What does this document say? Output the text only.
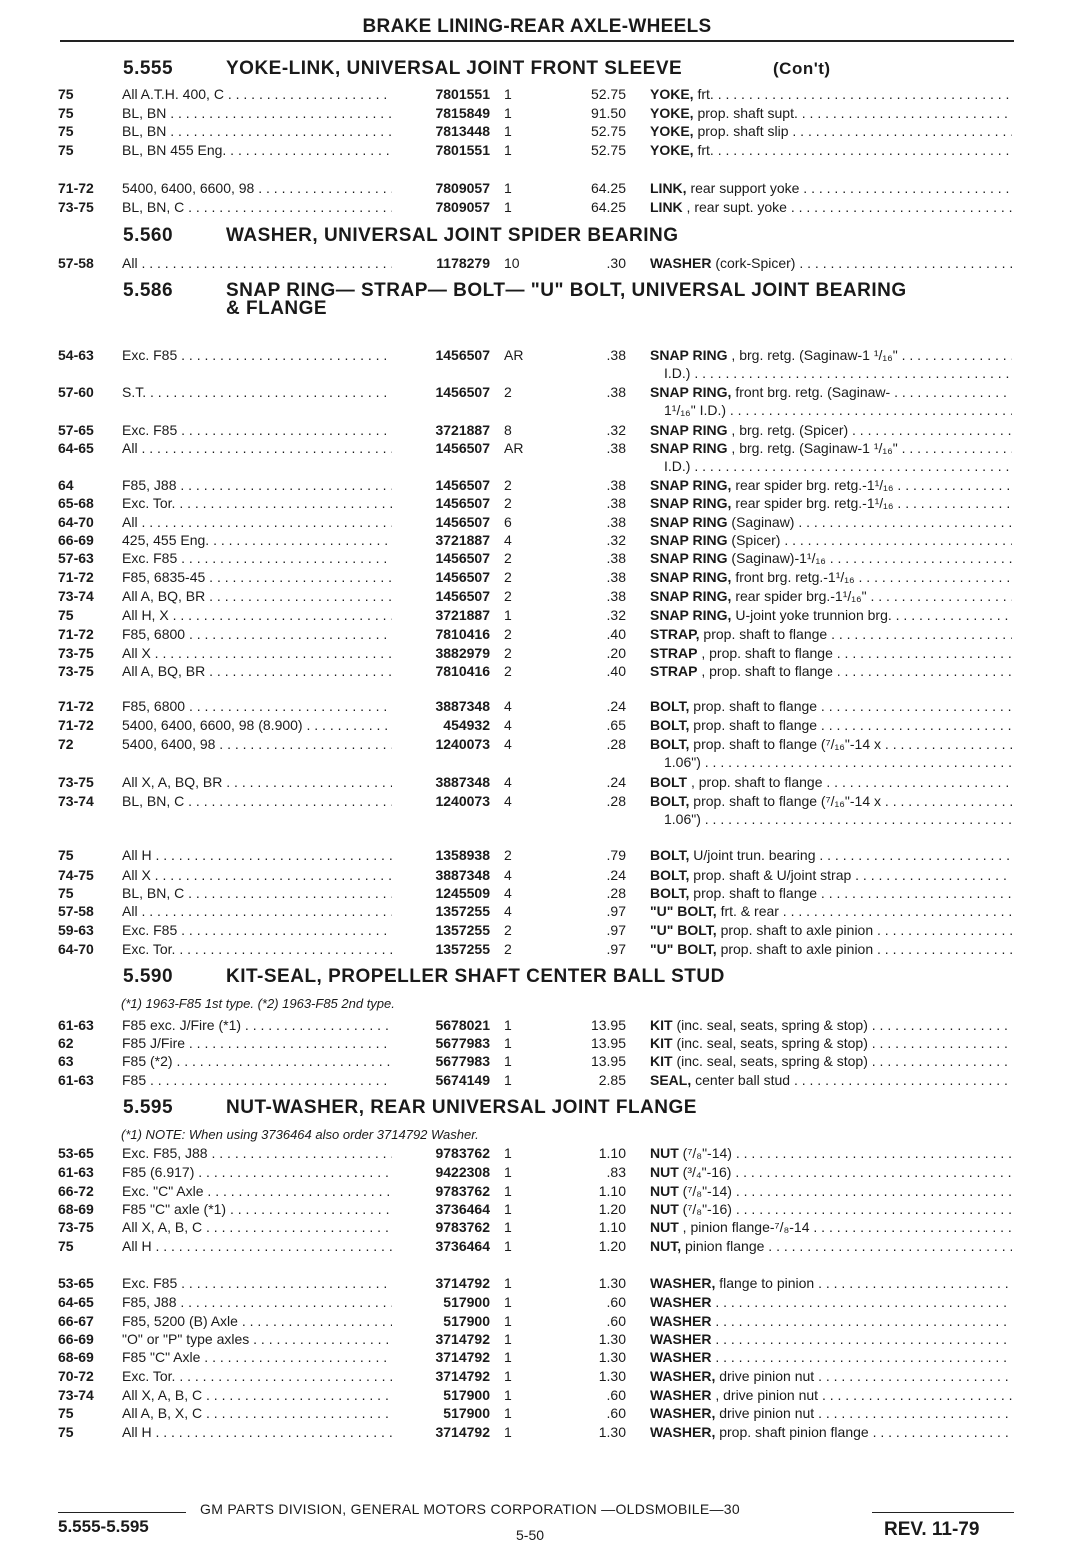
BRAKE LINING-REAR AXLE-WHEELS
5.555	YOKE-LINK, UNIVERSAL JOINT FRONT SLEEVE	(Con't)
75	All A.T.H. 400, C . . .	7801551 1	52.75 YOKE, frt. . . .
75	BL, BN . . .	7815849 1	91.50 YOKE, prop. shaft supt. . . .
75	BL, BN . . .	7813448 1	52.75 YOKE, prop. shaft slip . . .
75	BL, BN 455 Eng. . . .	7801551 1	52.75 YOKE, frt. . . .
71-72	5400, 6400, 6600, 98 . . .	7809057 1	64.25 LINK, rear support yoke . . .
73-75	BL, BN, C . . .	7809057 1	64.25 LINK , rear supt. yoke . . .
5.560	WASHER, UNIVERSAL JOINT SPIDER BEARING
57-58	All . . .	1178279 10	.30 WASHER (cork-Spicer) . . .
5.586	SNAP RING— STRAP— BOLT— "U" BOLT, UNIVERSAL JOINT BEARING
& FLANGE
54-63	Exc. F85 . . .	1456507 AR	.38 SNAP RING , brg. retg. (Saginaw-1 ¹/₁₆" . . .
I.D.) . . .
57-60	S.T. . . .	1456507 2	.38 SNAP RING, front brg. retg. (Saginaw- . . .
1¹/₁₆" I.D.) . . .
57-65	Exc. F85 . . .	3721887 8	.32 SNAP RING , brg. retg. (Spicer) . . .
64-65	All . . .	1456507 AR	.38 SNAP RING , brg. retg. (Saginaw-1 ¹/₁₆" . . .
I.D.) . . .
64	F85, J88 . . .	1456507 2	.38 SNAP RING, rear spider brg. retg.-1¹/₁₆ . . .
65-68	Exc. Tor. . . .	1456507 2	.38 SNAP RING, rear spider brg. retg.-1¹/₁₆ . . .
64-70	All . . .	1456507 6	.38 SNAP RING (Saginaw) . . .
66-69	425, 455 Eng. . . .	3721887 4	.32 SNAP RING (Spicer) . . .
57-63	Exc. F85 . . .	1456507 2	.38 SNAP RING (Saginaw)-1¹/₁₆ . . .
71-72	F85, 6835-45 . . .	1456507 2	.38 SNAP RING, front brg. retg.-1¹/₁₆ . . .
73-74	All A, BQ, BR . . .	1456507 2	.38 SNAP RING, rear spider brg.-1¹/₁₆" . . .
75	All H, X . . .	3721887 1	.32 SNAP RING, U-joint yoke trunnion brg. . . .
71-72	F85, 6800 . . .	7810416 2	.40 STRAP, prop. shaft to flange . . .
73-75	All X . . .	3882979 2	.20 STRAP , prop. shaft to flange . . .
73-75	All A, BQ, BR . . .	7810416 2	.40 STRAP , prop. shaft to flange . . .
71-72	F85, 6800 . . .	3887348 4	.24 BOLT, prop. shaft to flange . . .
71-72	5400, 6400, 6600, 98 (8.900) . . .	454932 4	.65 BOLT, prop. shaft to flange . . .
72	5400, 6400, 98 . . .	1240073 4	.28 BOLT, prop. shaft to flange (⁷/₁₆"-14 x . . .
1.06") . . .
73-75	All X, A, BQ, BR . . .	3887348 4	.24 BOLT , prop. shaft to flange . . .
73-74	BL, BN, C . . .	1240073 4	.28 BOLT, prop. shaft to flange (⁷/₁₆"-14 x . . .
1.06") . . .
75	All H . . .	1358938 2	.79 BOLT, U/joint trun. bearing . . .
74-75	All X . . .	3887348 4	.24 BOLT, prop. shaft & U/joint strap . . .
75	BL, BN, C . . .	1245509 4	.28 BOLT, prop. shaft to flange . . .
57-58	All . . .	1357255 4	.97 "U" BOLT, frt. & rear . . .
59-63	Exc. F85 . . .	1357255 2	.97 "U" BOLT, prop. shaft to axle pinion . . .
64-70	Exc. Tor. . . .	1357255 2	.97 "U" BOLT, prop. shaft to axle pinion . . .
5.590	KIT-SEAL, PROPELLER SHAFT CENTER BALL STUD
(*1) 1963-F85 1st type. (*2) 1963-F85 2nd type.
61-63	F85 exc. J/Fire (*1) . . .	5678021 1	13.95 KIT (inc. seal, seats, spring & stop) . . .
62	F85 J/Fire . . .	5677983 1	13.95 KIT (inc. seal, seats, spring & stop) . . .
63	F85 (*2) . . .	5677983 1	13.95 KIT (inc. seal, seats, spring & stop) . . .
61-63	F85 . . .	5674149 1	2.85 SEAL, center ball stud . . .
5.595	NUT-WASHER, REAR UNIVERSAL JOINT FLANGE
(*1) NOTE: When using 3736464 also order 3714792 Washer.
53-65	Exc. F85, J88 . . .	9783762 1	1.10 NUT (⁷/₈"-14) . . .
61-63	F85 (6.917) . . .	9422308 1	.83 NUT (³/₄"-16) . . .
66-72	Exc. "C" Axle . . .	9783762 1	1.10 NUT (⁷/₈"-14) . . .
68-69	F85 "C" axle (*1) . . .	3736464 1	1.20 NUT (⁷/₈"-16) . . .
73-75	All X, A, B, C . . .	9783762 1	1.10 NUT , pinion flange-⁷/₈-14 . . .
75	All H . . .	3736464 1	1.20 NUT, pinion flange . . .
53-65	Exc. F85 . . .	3714792 1	1.30 WASHER, flange to pinion . . .
64-65	F85, J88 . . .	517900 1	.60 WASHER . . .
66-67	F85, 5200 (B) Axle . . .	517900 1	.60 WASHER . . .
66-69	"O" or "P" type axles . . .	3714792 1	1.30 WASHER . . .
68-69	F85 "C" Axle . . .	3714792 1	1.30 WASHER . . .
70-72	Exc. Tor. . . .	3714792 1	1.30 WASHER, drive pinion nut . . .
73-74	All X, A, B, C . . .	517900 1	.60 WASHER , drive pinion nut . . .
75	All A, B, X, C . . .	517900 1	.60 WASHER, drive pinion nut . . .
75	All H . . .	3714792 1	1.30 WASHER, prop. shaft pinion flange . . .
GM PARTS DIVISION, GENERAL MOTORS CORPORATION —OLDSMOBILE—30
5.555-5.595	5-50	REV. 11-79
